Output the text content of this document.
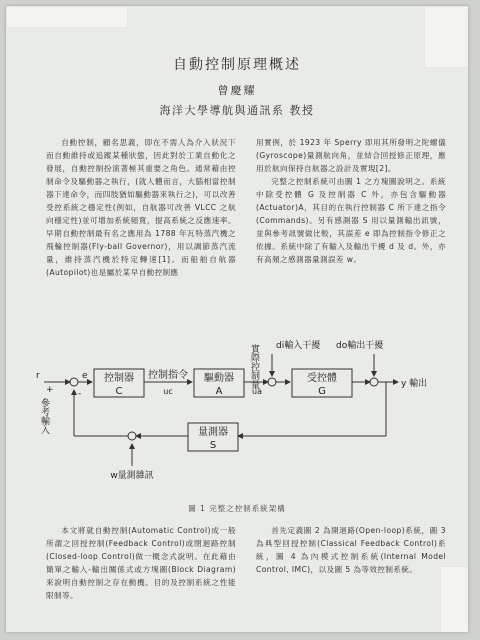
自動控制原理概述
曾慶耀
海洋大學導航與通訊系 教授

自動控制，顧名思義，即在不需人為介入狀況下而自動維持或追蹤某種狀態，因此對於工業自動化之發展，自動控制扮演著極其重要之角色。通常藉由控制命令及驅動器之執行，(就人體而言，大腦相當控制器下達命令，而四肢猶如驅動器來執行之)，可以改善受控系統之穩定性(例如，自航器可改善 VLCC 之航向穩定性)並可增加系統頻寬，提高系統之反應速率。早期自動控制最有名之應用為 1788 年瓦特蒸汽機之飛輪控制器(Fly-ball Governor)，用以調節蒸汽流量，維持蒸汽機於特定轉速[1]。而船舶自航器(Autopilot)也是屬於某早自動控制應

用實例，於 1923 年 Sperry 即用其所發明之陀螺儀(Gyroscope)量測航向角，並結合回授修正原理，應用於航向保持自航器之設計及實現[2]。

完整之控制系統可由圖 1 之方塊圖說明之。系統中除受控體 G 及控制器 C 外，亦包含驅動器(Actuator)A，其目的在執行控制器 C 所下達之指令(Commands)。另有感測器 S 用以量測輸出訊號，並與參考訊號做比較，其誤差 e 即為控制指令修正之依據。系統中除了有輸入及輸出干擾 d 及 d。外，亦有高頻之感測器量測誤差 w。

r
+	-
e 控制器
C
控制指令
uc
驅動器
A	ua
受控體
G
y 輸出
量測器
S
di輸入干擾 do輸出干擾
w量測雜訊
實際控制量
參考輸入
圖 1 完整之控制系統架構

本文將就自動控制(Automatic Control)成一般所謂之回授控制(Feedback Control)或閉迴路控制(Closed-loop Control)做一概念式說明。在此藉由簡單之輸入-輸出關係式或方塊圖(Block Diagram)來說明自動控制之存在動機、目的及控制系統之性能限制等。

首先定義圖 2 為開迴路(Open-loop)系統，圖 3 為典型回授控制(Classical Feedback Control)系統，圖 4 為內模式控制系統(Internal Model Control, IMC)，以及圖 5 為等效控制系統。
